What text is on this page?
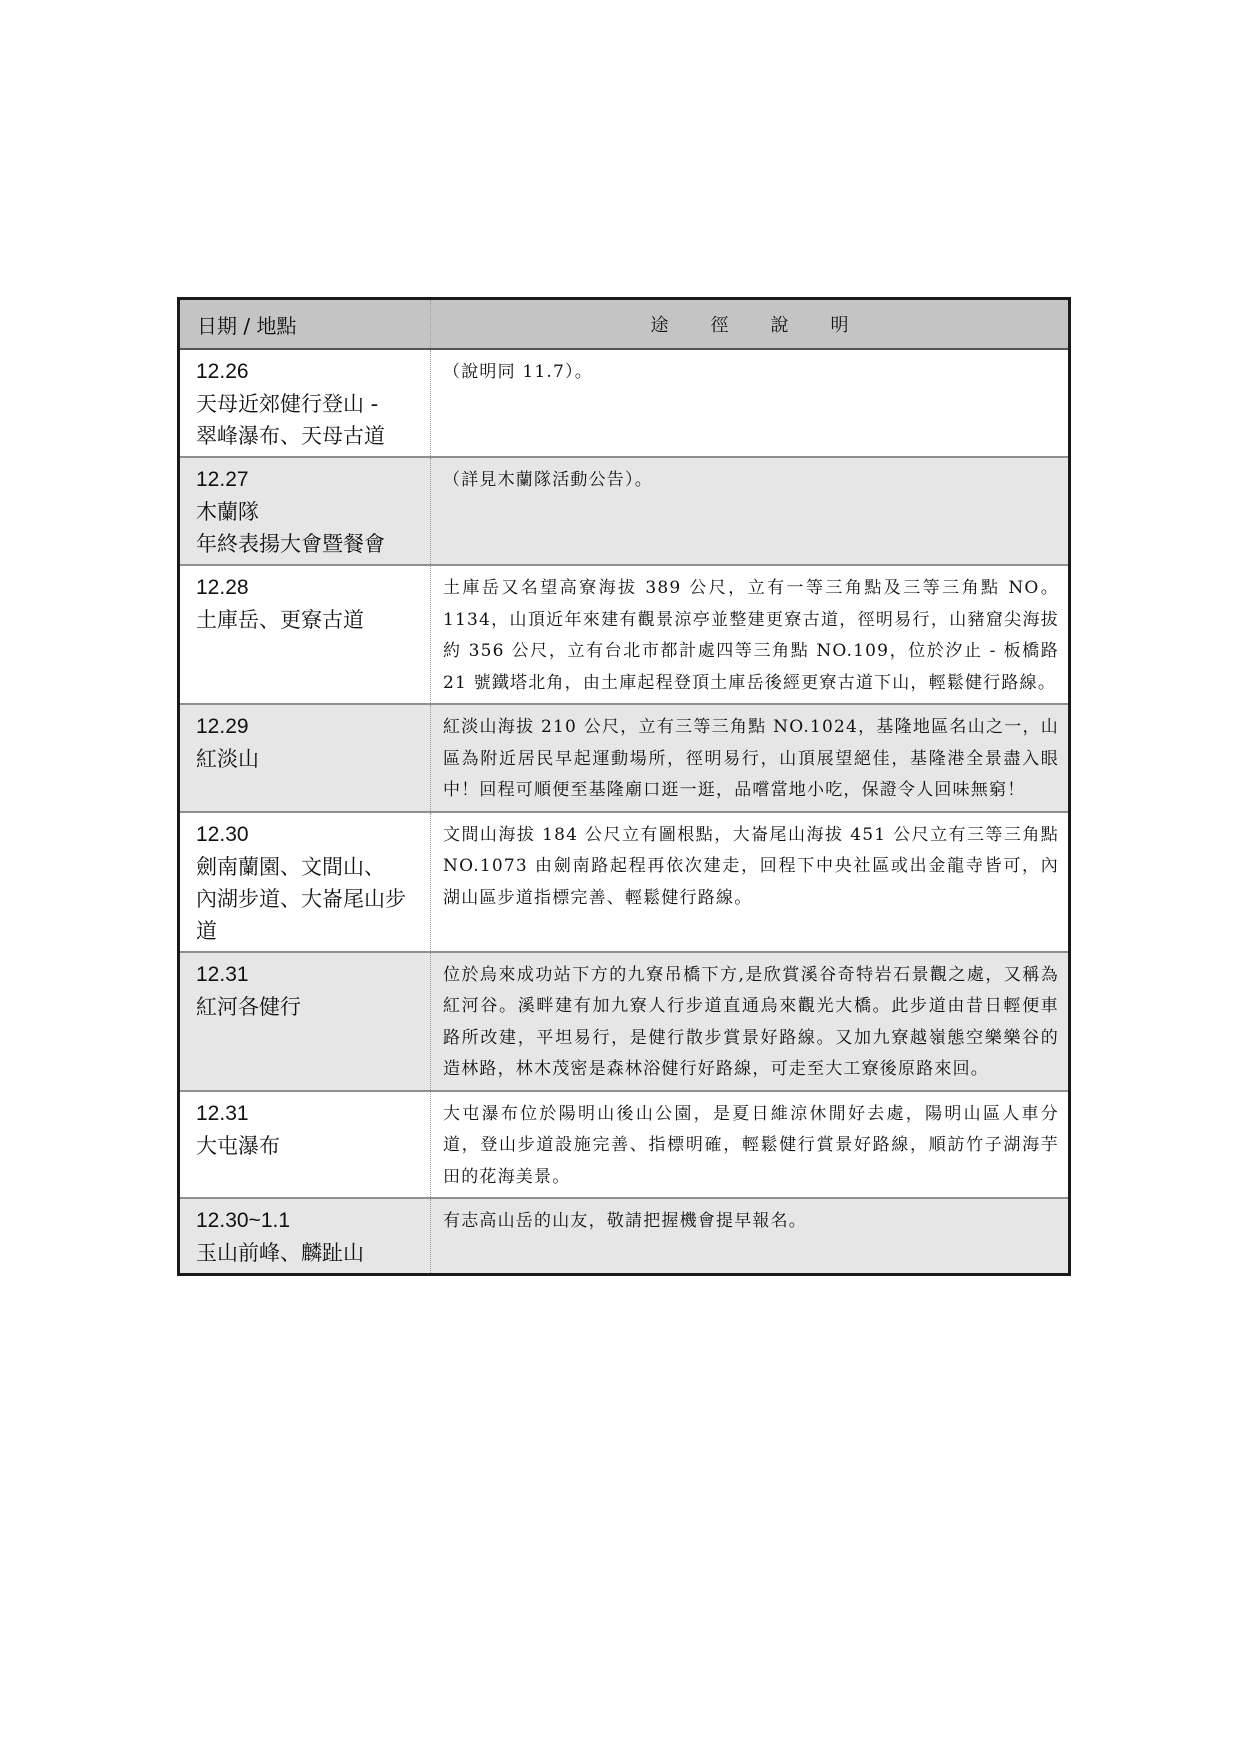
日期 / 地點	途徑說明

12.26
天母近郊健行登山 -
翠峰瀑布、天母古道	（說明同 11.7）。

12.27
木蘭隊
年終表揚大會暨餐會	（詳見木蘭隊活動公告）。

12.28
土庫岳、更寮古道	土庫岳又名望高寮海拔 389 公尺，立有一等三角點及三等三角點 NO。1134，山頂近年來建有觀景涼亭並整建更寮古道，徑明易行，山豬窟尖海拔約 356 公尺，立有台北市都計處四等三角點 NO.109，位於汐止 - 板橋路 21 號鐵塔北角，由土庫起程登頂土庫岳後經更寮古道下山，輕鬆健行路線。

12.29
紅淡山	紅淡山海拔 210 公尺，立有三等三角點 NO.1024，基隆地區名山之一，山區為附近居民早起運動場所，徑明易行，山頂展望絕佳，基隆港全景盡入眼中！回程可順便至基隆廟口逛一逛，品嚐當地小吃，保證令人回味無窮！

12.30
劍南蘭園、文間山、
內湖步道、大崙尾山步道	文間山海拔 184 公尺立有圖根點，大崙尾山海拔 451 公尺立有三等三角點 NO.1073 由劍南路起程再依次建走，回程下中央社區或出金龍寺皆可，內湖山區步道指標完善、輕鬆健行路線。

12.31
紅河各健行	位於烏來成功站下方的九寮吊橋下方,是欣賞溪谷奇特岩石景觀之處，又稱為紅河谷。溪畔建有加九寮人行步道直通烏來觀光大橋。此步道由昔日輕便車路所改建，平坦易行，是健行散步賞景好路線。又加九寮越嶺態空樂樂谷的造林路，林木茂密是森林浴健行好路線，可走至大工寮後原路來回。

12.31
大屯瀑布	大屯瀑布位於陽明山後山公園，是夏日維涼休閒好去處，陽明山區人車分道，登山步道設施完善、指標明確，輕鬆健行賞景好路線，順訪竹子湖海芋田的花海美景。

12.30~1.1
玉山前峰、麟趾山	有志高山岳的山友，敬請把握機會提早報名。
